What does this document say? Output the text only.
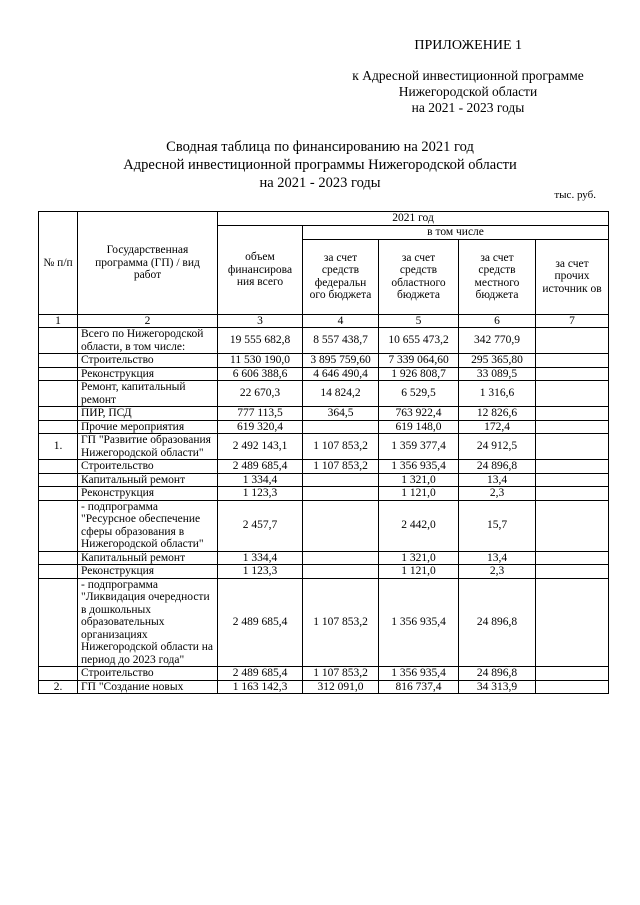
ПРИЛОЖЕНИЕ 1
к Адресной инвестиционной программе
Нижегородской области
на 2021 - 2023 годы
Сводная таблица по финансированию на 2021 год
Адресной инвестиционной программы Нижегородской области
на 2021 - 2023 годы
тыс. руб.
№ п/п	Государственная программа (ГП) / вид работ	2021 год				
		объем финансирова ния всего	в том числе			
			за счет средств федеральн ого бюджета	за счет средств областного бюджета	за счет средств местного бюджета	за счет прочих источник ов
1	2	3	4	5	6	7
	Всего по Нижегородской области, в том числе:	19 555 682,8	8 557 438,7	10 655 473,2	342 770,9	
	Строительство	11 530 190,0	3 895 759,60	7 339 064,60	295 365,80	
	Реконструкция	6 606 388,6	4 646 490,4	1 926 808,7	33 089,5	
	Ремонт, капитальный ремонт	22 670,3	14 824,2	6 529,5	1 316,6	
	ПИР, ПСД	777 113,5	364,5	763 922,4	12 826,6	
	Прочие мероприятия	619 320,4		619 148,0	172,4	
1.	ГП "Развитие образования Нижегородской области"	2 492 143,1	1 107 853,2	1 359 377,4	24 912,5	
	Строительство	2 489 685,4	1 107 853,2	1 356 935,4	24 896,8	
	Капитальный ремонт	1 334,4		1 321,0	13,4	
	Реконструкция	1 123,3		1 121,0	2,3	
	- подпрограмма "Ресурсное обеспечение сферы образования в Нижегородской области"	2 457,7		2 442,0	15,7	
	Капитальный ремонт	1 334,4		1 321,0	13,4	
	Реконструкция	1 123,3		1 121,0	2,3	
	- подпрограмма "Ликвидация очередности в дошкольных образовательных организациях Нижегородской области на период до 2023 года"	2 489 685,4	1 107 853,2	1 356 935,4	24 896,8	
	Строительство	2 489 685,4	1 107 853,2	1 356 935,4	24 896,8	
2.	ГП "Создание новых	1 163 142,3	312 091,0	816 737,4	34 313,9	
